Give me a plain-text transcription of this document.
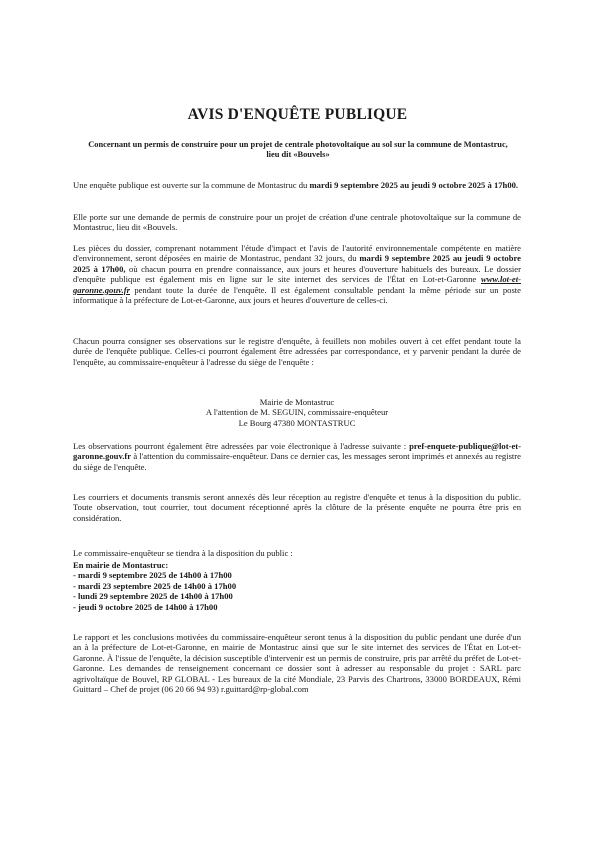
AVIS D'ENQUÊTE PUBLIQUE
Concernant un permis de construire pour un projet de centrale photovoltaïque au sol sur la commune de Montastruc, lieu dit «Bouvels»
Une enquête publique est ouverte sur la commune de Montastruc du mardi 9 septembre 2025 au jeudi 9 octobre 2025 à 17h00.
Elle porte sur une demande de permis de construire pour un projet de création d'une centrale photovoltaïque sur la commune de Montastruc, lieu dit «Bouvels.
Les pièces du dossier, comprenant notamment l'étude d'impact et l'avis de l'autorité environnementale compétente en matière d'environnement, seront déposées en mairie de Montastruc, pendant 32 jours, du mardi 9 septembre 2025 au jeudi 9 octobre 2025 à 17h00, où chacun pourra en prendre connaissance, aux jours et heures d'ouverture habituels des bureaux. Le dossier d'enquête publique est également mis en ligne sur le site internet des services de l'État en Lot-et-Garonne www.lot-et-garonne.gouv.fr pendant toute la durée de l'enquête. Il est également consultable pendant la même période sur un poste informatique à la préfecture de Lot-et-Garonne, aux jours et heures d'ouverture de celles-ci.
Chacun pourra consigner ses observations sur le registre d'enquête, à feuillets non mobiles ouvert à cet effet pendant toute la durée de l'enquête publique. Celles-ci pourront également être adressées par correspondance, et y parvenir pendant la durée de l'enquête, au commissaire-enquêteur à l'adresse du siège de l'enquête :
Mairie de Montastruc
A l'attention de M. SEGUIN, commissaire-enquêteur
Le Bourg 47380 MONTASTRUC
Les observations pourront également être adressées par voie électronique à l'adresse suivante : pref-enquete-publique@lot-et-garonne.gouv.fr à l'attention du commissaire-enquêteur. Dans ce dernier cas, les messages seront imprimés et annexés au registre du siège de l'enquête.
Les courriers et documents transmis seront annexés dès leur réception au registre d'enquête et tenus à la disposition du public. Toute observation, tout courrier, tout document réceptionné après la clôture de la présente enquête ne pourra être pris en considération.
Le commissaire-enquêteur se tiendra à la disposition du public :
En mairie de Montastruc:
- mardi 9 septembre 2025 de 14h00 à 17h00
- mardi 23 septembre 2025 de 14h00 à 17h00
- lundi 29 septembre 2025 de 14h00 à 17h00
- jeudi 9 octobre 2025 de 14h00 à 17h00
Le rapport et les conclusions motivées du commissaire-enquêteur seront tenus à la disposition du public pendant une durée d'un an à la préfecture de Lot-et-Garonne, en mairie de Montastruc ainsi que sur le site internet des services de l'État en Lot-et-Garonne. À l'issue de l'enquête, la décision susceptible d'intervenir est un permis de construire, pris par arrêté du préfet de Lot-et-Garonne. Les demandes de renseignement concernant ce dossier sont à adresser au responsable du projet : SARL parc agrivoltaïque de Bouvel, RP GLOBAL - Les bureaux de la cité Mondiale, 23 Parvis des Chartrons, 33000 BORDEAUX, Rémi Guittard – Chef de projet (06 20 66 94 93) r.guittard@rp-global.com
